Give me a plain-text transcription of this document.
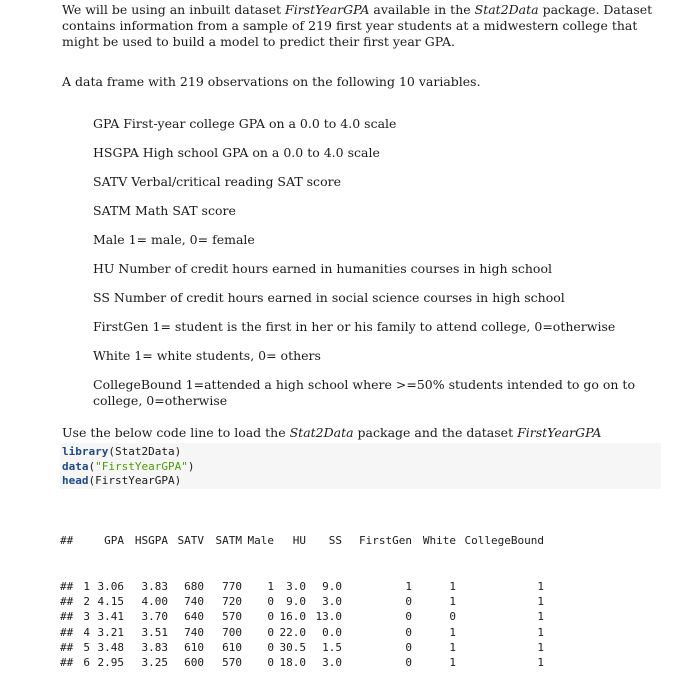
We will be using an inbuilt dataset FirstYearGPA available in the Stat2Data package. Dataset contains information from a sample of 219 first year students at a midwestern college that might be used to build a model to predict their first year GPA.
A data frame with 219 observations on the following 10 variables.

GPA First-year college GPA on a 0.0 to 4.0 scale

HSGPA High school GPA on a 0.0 to 4.0 scale

SATV Verbal/critical reading SAT score

SATM Math SAT score

Male 1= male, 0= female

HU Number of credit hours earned in humanities courses in high school

SS Number of credit hours earned in social science courses in high school

FirstGen 1= student is the first in her or his family to attend college, 0=otherwise

White 1= white students, 0= others

CollegeBound 1=attended a high school where >=50% students intended to go on to college, 0=otherwise

Use the below code line to load the Stat2Data package and the dataset FirstYearGPA
library(Stat2Data)
data("FirstYearGPA")
head(FirstYearGPA)

##	GPA HSGPA SATV	SATM Male	HU	SS	FirstGen White CollegeBound

## 1 3.06	3.83	680	770	1	3.0	9.0	1	1	1
## 2 4.15	4.00	740	720	0	9.0	3.0	0	1	1
## 3 3.41	3.70	640	570	0 16.0 13.0	0	0	1
## 4 3.21	3.51	740	700	0 22.0	0.0	0	1	1
## 5 3.48	3.83	610	610	0 30.5	1.5	0	1	1
## 6 2.95	3.25	600	570	0 18.0	3.0	0	1	1
